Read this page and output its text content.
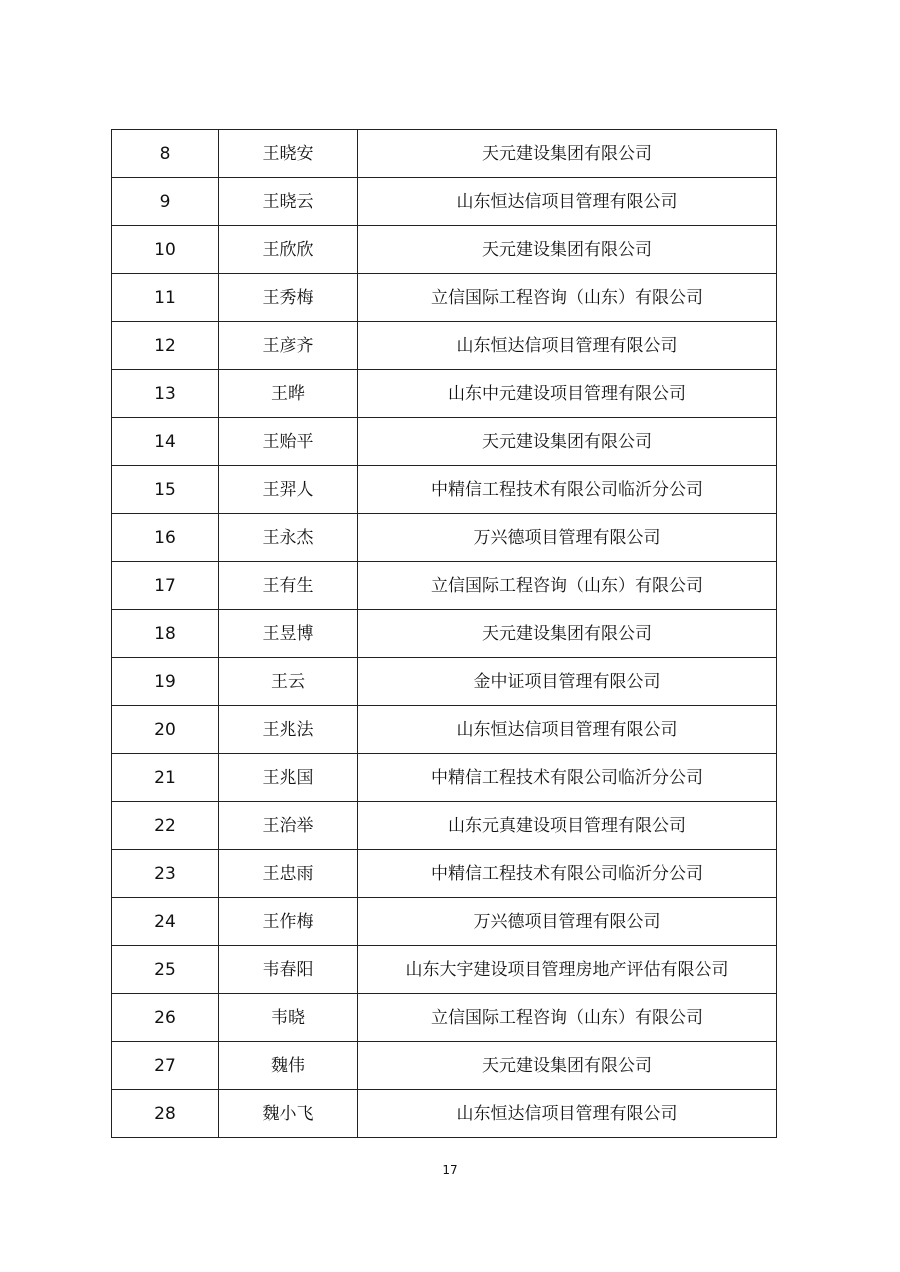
8	王晓安	天元建设集团有限公司
9	王晓云	山东恒达信项目管理有限公司
10	王欣欣	天元建设集团有限公司
11	王秀梅	立信国际工程咨询（山东）有限公司
12	王彦齐	山东恒达信项目管理有限公司
13	王晔	山东中元建设项目管理有限公司
14	王贻平	天元建设集团有限公司
15	王羿人	中精信工程技术有限公司临沂分公司
16	王永杰	万兴德项目管理有限公司
17	王有生	立信国际工程咨询（山东）有限公司
18	王昱博	天元建设集团有限公司
19	王云	金中证项目管理有限公司
20	王兆法	山东恒达信项目管理有限公司
21	王兆国	中精信工程技术有限公司临沂分公司
22	王治举	山东元真建设项目管理有限公司
23	王忠雨	中精信工程技术有限公司临沂分公司
24	王作梅	万兴德项目管理有限公司
25	韦春阳	山东大宇建设项目管理房地产评估有限公司
26	韦晓	立信国际工程咨询（山东）有限公司
27	魏伟	天元建设集团有限公司
28	魏小飞	山东恒达信项目管理有限公司
17
